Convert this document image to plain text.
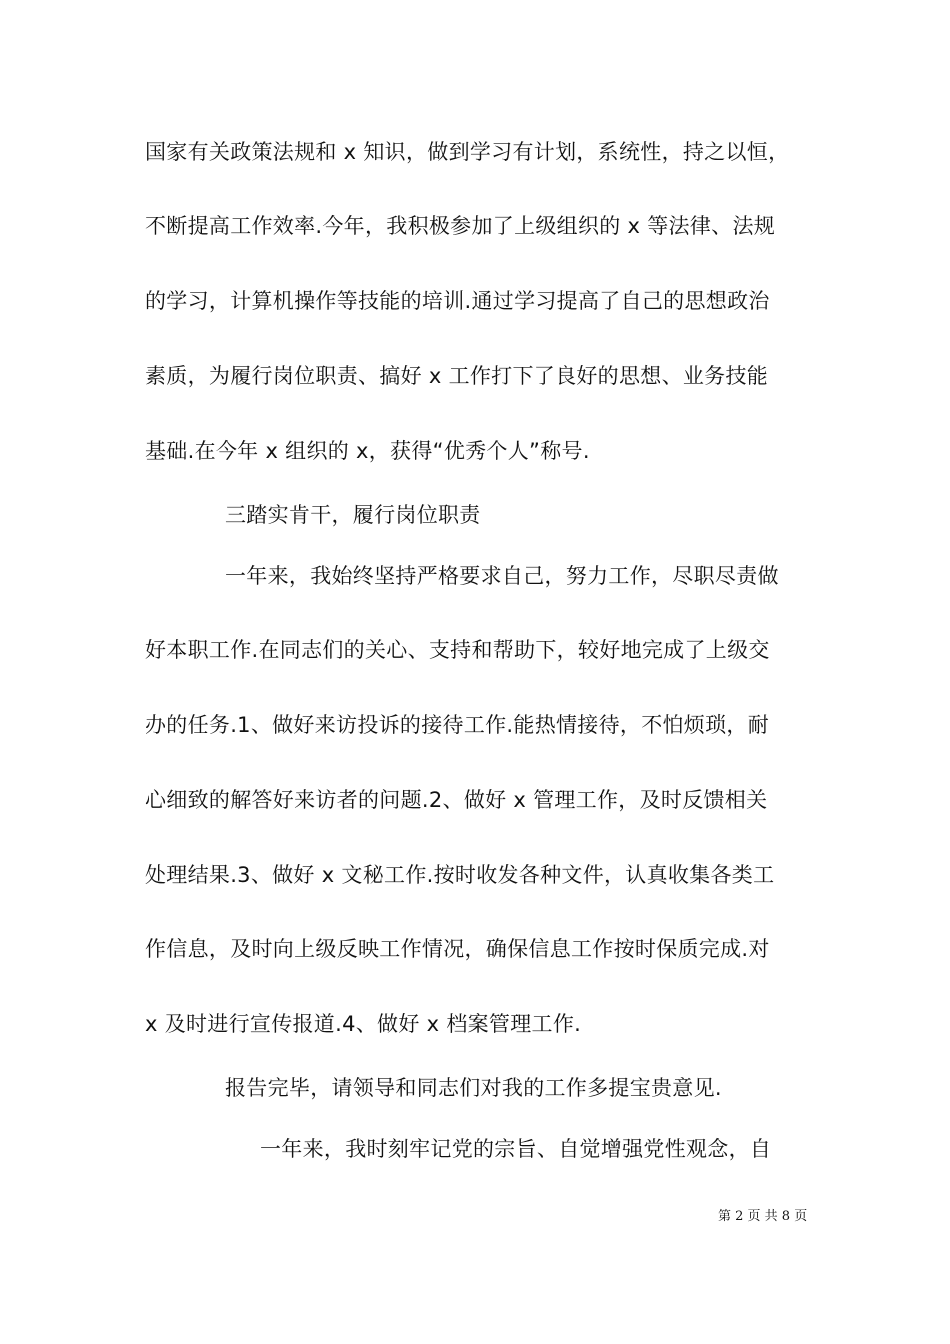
国家有关政策法规和 x 知识，做到学习有计划，系统性，持之以恒，
不断提高工作效率.今年，我积极参加了上级组织的 x 等法律、法规
的学习，计算机操作等技能的培训.通过学习提高了自己的思想政治
素质，为履行岗位职责、搞好 x 工作打下了良好的思想、业务技能
基础.在今年 x 组织的 x，获得“优秀个人”称号.
三踏实肯干，履行岗位职责
一年来，我始终坚持严格要求自己，努力工作，尽职尽责做
好本职工作.在同志们的关心、支持和帮助下，较好地完成了上级交
办的任务.1、做好来访投诉的接待工作.能热情接待，不怕烦琐，耐
心细致的解答好来访者的问题.2、做好 x 管理工作，及时反馈相关
处理结果.3、做好 x 文秘工作.按时收发各种文件，认真收集各类工
作信息，及时向上级反映工作情况，确保信息工作按时保质完成.对
x 及时进行宣传报道.4、做好 x 档案管理工作.
报告完毕，请领导和同志们对我的工作多提宝贵意见.
一年来，我时刻牢记党的宗旨、自觉增强党性观念，自
第 2 页 共 8 页
